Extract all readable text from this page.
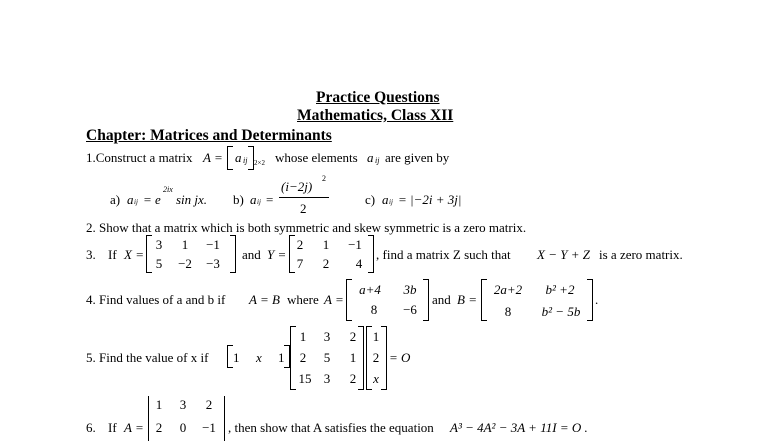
Practice Questions
Mathematics, Class XII
Chapter: Matrices and Determinants
1.Construct a matrix A = a ij 2×2 whose elements a ij are given by
a) a ij = e
2ix
sin jx. b) a ij =
(i−2j)
2
2
c) a ij = |−2i + 3j|
2. Show that a matrix which is both symmetric and skew symmetric is a zero matrix.
3. If X =
3 1	−1
5	−2	−3
and Y =
2 1	−1
7 2 4
, find a matrix Z such that X − Y + Z is a zero matrix.
4. Find values of a and b if A = B where A =
a+4	3b
8	−6
and B =
2a+2	b² +2
8	b² − 5b
.
5. Find the value of x if 1 x 1
1	3 2
2	5 1
15 3 2
1
2
x
= O
6. If A =
1 3 2
2 0	−1 , then show that A satisfies the equation A³ − 4A² − 3A + 11I = O .
